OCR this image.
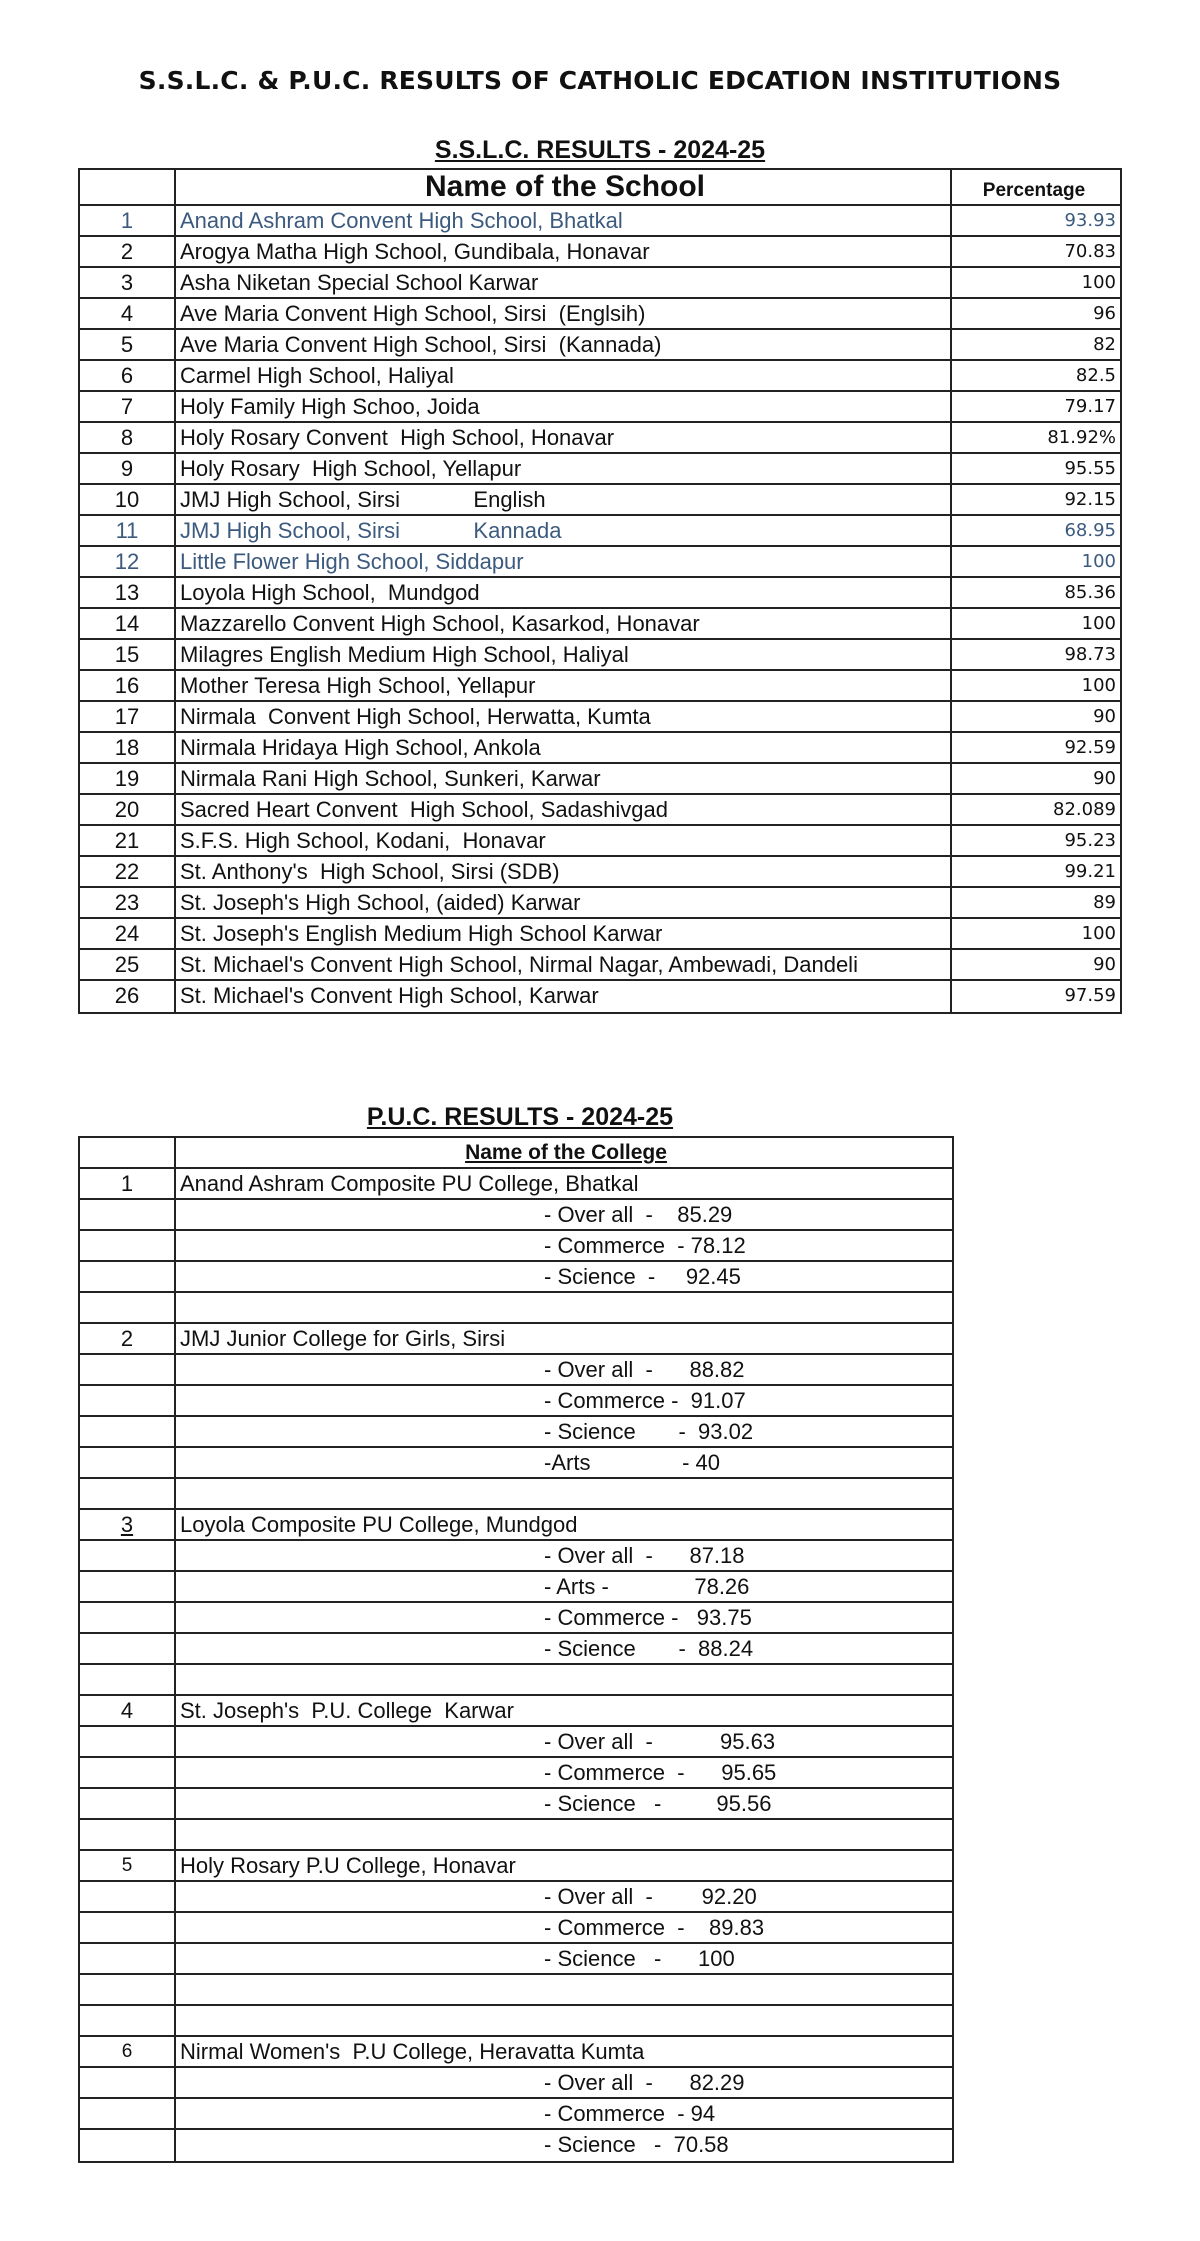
S.S.L.C. & P.U.C. RESULTS OF CATHOLIC EDCATION INSTITUTIONS
S.S.L.C. RESULTS - 2024-25
Name of the School	Percentage
1	Anand Ashram Convent High School, Bhatkal	93.93
2	Arogya Matha High School, Gundibala, Honavar	70.83
3	Asha Niketan Special School Karwar	100
4	Ave Maria Convent High School, Sirsi  (Englsih)	96
5	Ave Maria Convent High School, Sirsi  (Kannada)	82
6	Carmel High School, Haliyal	82.5
7	Holy Family High Schoo, Joida	79.17
8	Holy Rosary Convent  High School, Honavar	81.92%
9	Holy Rosary  High School, Yellapur	95.55
10	JMJ High School, Sirsi            English	92.15
11	JMJ High School, Sirsi            Kannada	68.95
12	Little Flower High School, Siddapur	100
13	Loyola High School,  Mundgod	85.36
14	Mazzarello Convent High School, Kasarkod, Honavar	100
15	Milagres English Medium High School, Haliyal	98.73
16	Mother Teresa High School, Yellapur	100
17	Nirmala  Convent High School, Herwatta, Kumta	90
18	Nirmala Hridaya High School, Ankola	92.59
19	Nirmala Rani High School, Sunkeri, Karwar	90
20	Sacred Heart Convent  High School, Sadashivgad	82.089
21	S.F.S. High School, Kodani,  Honavar	95.23
22	St. Anthony's  High School, Sirsi (SDB)	99.21
23	St. Joseph's High School, (aided) Karwar	89
24	St. Joseph's English Medium High School Karwar	100
25	St. Michael's Convent High School, Nirmal Nagar, Ambewadi, Dandeli	90
26	St. Michael's Convent High School, Karwar	97.59
P.U.C. RESULTS - 2024-25
Name of the College
1	Anand Ashram Composite PU College, Bhatkal
- Over all  -    85.29
- Commerce  - 78.12
- Science  -     92.45
2	JMJ Junior College for Girls, Sirsi
- Over all  -      88.82
- Commerce -  91.07
- Science       -  93.02
-Arts               - 40
3	Loyola Composite PU College, Mundgod
- Over all  -      87.18
- Arts -              78.26
- Commerce -   93.75
- Science       -  88.24
4	St. Joseph's  P.U. College  Karwar
- Over all  -           95.63
- Commerce  -      95.65
- Science   -         95.56
5	Holy Rosary P.U College, Honavar
- Over all  -        92.20
- Commerce  -    89.83
- Science   -      100
6	Nirmal Women's  P.U College, Heravatta Kumta
- Over all  -      82.29
- Commerce  - 94
- Science   -  70.58
